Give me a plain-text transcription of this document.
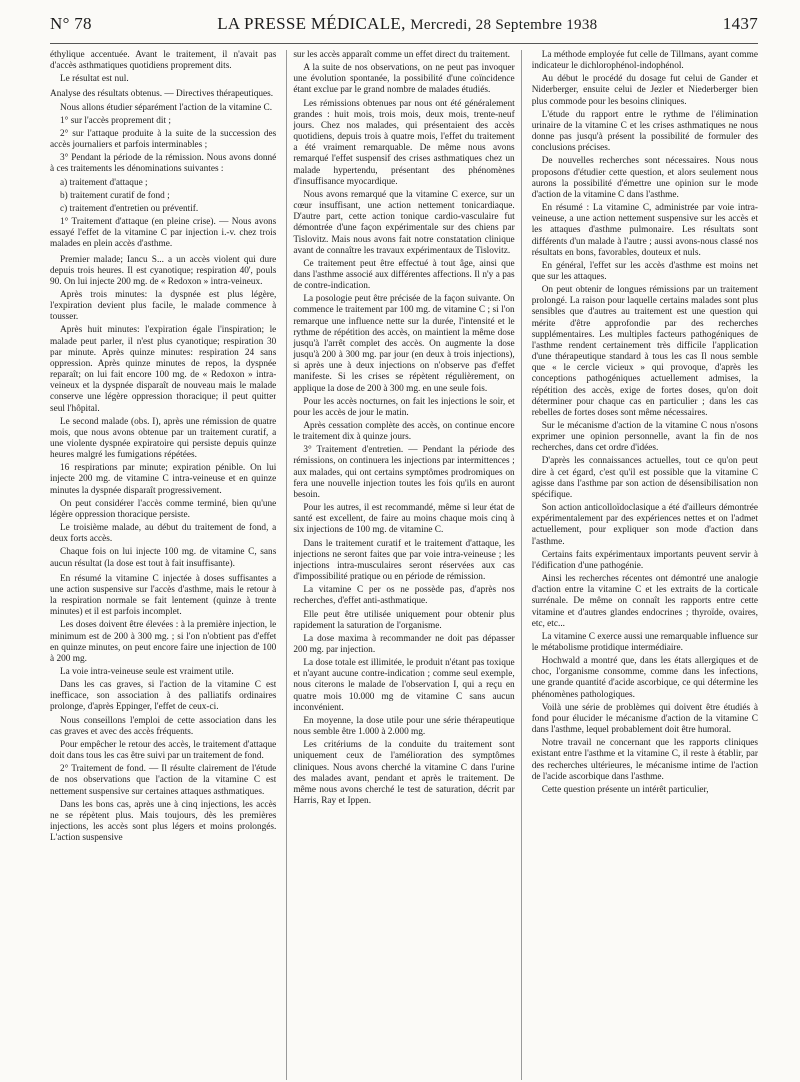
N° 78	LA PRESSE MÉDICALE, Mercredi, 28 Septembre 1938	1437

éthylique accentuée. Avant le traitement, il n'avait pas d'accès asthmatiques quotidiens proprement dits.

Le résultat est nul.

Analyse des résultats obtenus. — Directives thérapeutiques.

Nous allons étudier séparément l'action de la vitamine C.

1° sur l'accès proprement dit ;

2° sur l'attaque produite à la suite de la succession des accès journaliers et parfois interminables ;

3° Pendant la période de la rémission. Nous avons donné à ces traitements les dénominations suivantes :

a) traitement d'attaque ;

b) traitement curatif de fond ;

c) traitement d'entretien ou préventif.

1° Traitement d'attaque (en pleine crise). — Nous avons essayé l'effet de la vitamine C par injection i.-v. chez trois malades en plein accès d'asthme.

Premier malade; Iancu S... a un accès violent qui dure depuis trois heures. Il est cyanotique; respiration 40', pouls 90. On lui injecte 200 mg. de « Redoxon » intra-veineux.

Après trois minutes: la dyspnée est plus légère, l'expiration devient plus facile, le malade commence à tousser.

Après huit minutes: l'expiration égale l'inspiration; le malade peut parler, il n'est plus cyanotique; respiration 30 par minute. Après quinze minutes: respiration 24 sans oppression. Après quinze minutes de repos, la dyspnée reparaît; on lui fait encore 100 mg. de « Redoxon » intra-veineux et la dyspnée disparaît de nouveau mais le malade conserve une légère oppression thoracique; il peut quitter seul l'hôpital.

Le second malade (obs. I), après une rémission de quatre mois, que nous avons obtenue par un traitement curatif, a une violente dyspnée expiratoire qui persiste depuis quinze heures malgré les fumigations répétées.

16 respirations par minute; expiration pénible. On lui injecte 200 mg. de vitamine C intra-veineuse et en quinze minutes la dyspnée disparaît progressivement.

On peut considérer l'accès comme terminé, bien qu'une légère oppression thoracique persiste.

Le troisième malade, au début du traitement de fond, a deux forts accès.

Chaque fois on lui injecte 100 mg. de vitamine C, sans aucun résultat (la dose est tout à fait insuffisante).

En résumé la vitamine C injectée à doses suffisantes a une action suspensive sur l'accès d'asthme, mais le retour à la respiration normale se fait lentement (quinze à trente minutes) et il est parfois incomplet.

Les doses doivent être élevées : à la première injection, le minimum est de 200 à 300 mg. ; si l'on n'obtient pas d'effet en quinze minutes, on peut encore faire une injection de 100 à 200 mg.

La voie intra-veineuse seule est vraiment utile.

Dans les cas graves, si l'action de la vitamine C est inefficace, son association à des palliatifs ordinaires prolonge, d'après Eppinger, l'effet de ceux-ci.

Nous conseillons l'emploi de cette association dans les cas graves et avec des accès fréquents.

Pour empêcher le retour des accès, le traitement d'attaque doit dans tous les cas être suivi par un traitement de fond.

2° Traitement de fond. — Il résulte clairement de l'étude de nos observations que l'action de la vitamine C est nettement suspensive sur certaines attaques asthmatiques.

Dans les bons cas, après une à cinq injections, les accès ne se répètent plus. Mais toujours, dès les premières injections, les accès sont plus légers et moins prolongés. L'action suspensive

sur les accès apparaît comme un effet direct du traitement.

A la suite de nos observations, on ne peut pas invoquer une évolution spontanée, la possibilité d'une coïncidence étant exclue par le grand nombre de malades étudiés.

Les rémissions obtenues par nous ont été généralement grandes : huit mois, trois mois, deux mois, trente-neuf jours. Chez nos malades, qui présentaient des accès quotidiens, depuis trois à quatre mois, l'effet du traitement a été vraiment remarquable. De même nous avons remarqué l'effet suspensif des crises asthmatiques chez un malade hypertendu, présentant des phénomènes d'insuffisance myocardique.

Nous avons remarqué que la vitamine C exerce, sur un cœur insuffisant, une action nettement tonicardiaque. D'autre part, cette action tonique cardio-vasculaire fut démontrée d'une façon expérimentale sur des chiens par Tislovitz. Mais nous avons fait notre constatation clinique avant de connaître les travaux expérimentaux de Tislovitz.

Ce traitement peut être effectué à tout âge, ainsi que dans l'asthme associé aux différentes affections. Il n'y a pas de contre-indication.

La posologie peut être précisée de la façon suivante. On commence le traitement par 100 mg. de vitamine C ; si l'on remarque une influence nette sur la durée, l'intensité et le rythme de répétition des accès, on maintient la même dose jusqu'à l'arrêt complet des accès. On augmente la dose jusqu'à 200 à 300 mg. par jour (en deux à trois injections), si après une à deux injections on n'observe pas d'effet manifeste. Si les crises se répètent régulièrement, on applique la dose de 200 à 300 mg. en une seule fois.

Pour les accès nocturnes, on fait les injections le soir, et pour les accès de jour le matin.

Après cessation complète des accès, on continue encore le traitement dix à quinze jours.

3° Traitement d'entretien. — Pendant la période des rémissions, on continuera les injections par intermittences ; aux malades, qui ont certains symptômes prodromiques on fera une nouvelle injection toutes les fois qu'ils en auront besoin.

Pour les autres, il est recommandé, même si leur état de santé est excellent, de faire au moins chaque mois cinq à six injections de 100 mg. de vitamine C.

Dans le traitement curatif et le traitement d'attaque, les injections ne seront faites que par voie intra-veineuse ; les injections intra-musculaires seront réservées aux cas d'impossibilité pratique ou en période de rémission.

La vitamine C per os ne possède pas, d'après nos recherches, d'effet anti-asthmatique.

Elle peut être utilisée uniquement pour obtenir plus rapidement la saturation de l'organisme.

La dose maxima à recommander ne doit pas dépasser 200 mg. par injection.

La dose totale est illimitée, le produit n'étant pas toxique et n'ayant aucune contre-indication ; comme seul exemple, nous citerons le malade de l'observation I, qui a reçu en quatre mois 10.000 mg de vitamine C sans aucun inconvénient.

En moyenne, la dose utile pour une série thérapeutique nous semble être 1.000 à 2.000 mg.

Les critériums de la conduite du traitement sont uniquement ceux de l'amélioration des symptômes cliniques. Nous avons cherché la vitamine C dans l'urine des malades avant, pendant et après le traitement. De même nous avons cherché le test de saturation, décrit par Harris, Ray et Ippen.

La méthode employée fut celle de Tillmans, ayant comme indicateur le dichlorophénol-indophénol.

Au début le procédé du dosage fut celui de Gander et Niderberger, ensuite celui de Jezler et Niederberger bien plus commode pour les besoins cliniques.

L'étude du rapport entre le rythme de l'élimination urinaire de la vitamine C et les crises asthmatiques ne nous donne pas jusqu'à présent la possibilité de formuler des conclusions précises.

De nouvelles recherches sont nécessaires. Nous nous proposons d'étudier cette question, et alors seulement nous aurons la possibilité d'émettre une opinion sur le mode d'action de la vitamine C dans l'asthme.

En résumé : La vitamine C, administrée par voie intra-veineuse, a une action nettement suspensive sur les accès et les attaques d'asthme pulmonaire. Les résultats sont différents d'un malade à l'autre ; aussi avons-nous classé nos résultats en bons, favorables, douteux et nuls.

En général, l'effet sur les accès d'asthme est moins net que sur les attaques.

On peut obtenir de longues rémissions par un traitement prolongé. La raison pour laquelle certains malades sont plus sensibles que d'autres au traitement est une question qui mérite d'être approfondie par des recherches supplémentaires. Les multiples facteurs pathogéniques de l'asthme rendent certainement très difficile l'application d'une thérapeutique standard à tous les cas Il nous semble que « le cercle vicieux » qui provoque, d'après les conceptions pathogéniques actuellement admises, la répétition des accès, exige de fortes doses, qu'on doit déterminer pour chaque cas en particulier ; dans les cas rebelles de fortes doses sont même nécessaires.

Sur le mécanisme d'action de la vitamine C nous n'osons exprimer une opinion personnelle, avant la fin de nos recherches, dans cet ordre d'idées.

D'après les connaissances actuelles, tout ce qu'on peut dire à cet égard, c'est qu'il est possible que la vitamine C agisse dans l'asthme par son action de désensibilisation non spécifique.

Son action anticolloïdoclasique a été d'ailleurs démontrée expérimentalement par des expériences nettes et on l'admet actuellement, pour expliquer son mode d'action dans l'asthme.

Certains faits expérimentaux importants peuvent servir à l'édification d'une pathogénie.

Ainsi les recherches récentes ont démontré une analogie d'action entre la vitamine C et les extraits de la corticale surrénale. De même on connaît les rapports entre cette vitamine et d'autres glandes endocrines ; thyroïde, ovaires, etc, etc...

La vitamine C exerce aussi une remarquable influence sur le métabolisme protidique intermédiaire.

Hochwald a montré que, dans les états allergiques et de choc, l'organisme consomme, comme dans les infections, une grande quantité d'acide ascorbique, ce qui détermine les phénomènes pathologiques.

Voilà une série de problèmes qui doivent être étudiés à fond pour élucider le mécanisme d'action de la vitamine C dans l'asthme, lequel probablement doit être humoral.

Notre travail ne concernant que les rapports cliniques existant entre l'asthme et la vitamine C, il reste à établir, par des recherches ultérieures, le mécanisme intime de l'action de l'acide ascorbique dans l'asthme.

Cette question présente un intérêt particulier,
